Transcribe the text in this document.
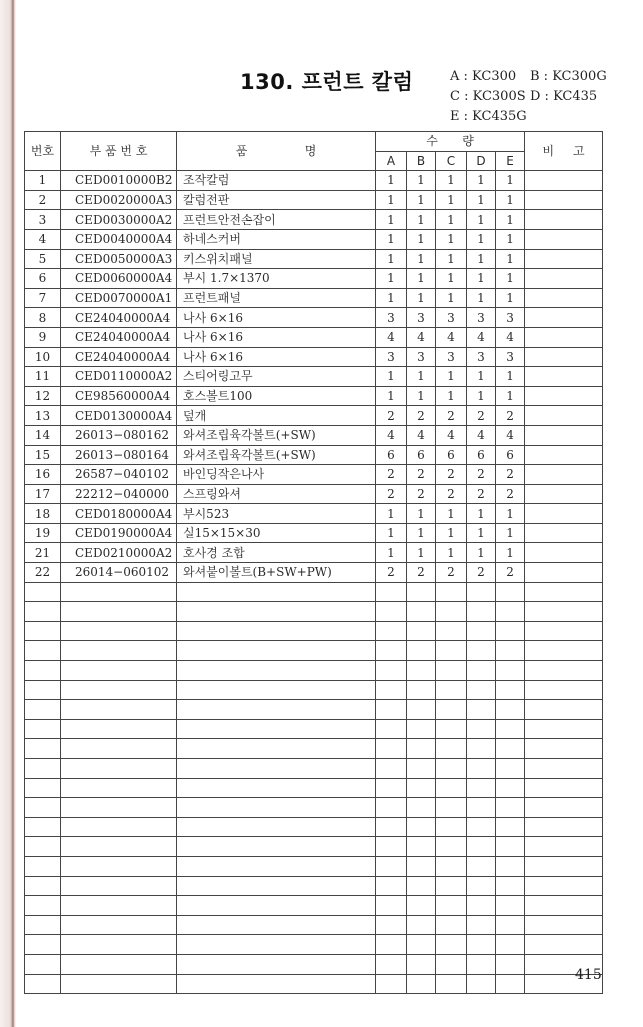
130. 프런트 칼럼	A : KC300 B : KC300G
C : KC300S D : KC435
E : KC435G
번호	부 품 번 호	품 명	수 량					비 고

			A	B	C	D	E	
1	CED0010000B2	조작칼럼	1	1	1	1	1	
2	CED0020000A3	칼럼전판	1	1	1	1	1	
3	CED0030000A2	프런트안전손잡이	1	1	1	1	1	
4	CED0040000A4	하네스커버	1	1	1	1	1	
5	CED0050000A3	키스위치패널	1	1	1	1	1	
6	CED0060000A4	부시 1.7×1370	1	1	1	1	1	
7	CED0070000A1	프런트패널	1	1	1	1	1	
8	CE24040000A4	나사 6×16	3	3	3	3	3	
9	CE24040000A4	나사 6×16	4	4	4	4	4	
10	CE24040000A4	나사 6×16	3	3	3	3	3	
11	CED0110000A2	스티어링고무	1	1	1	1	1	
12	CE98560000A4	호스볼트100	1	1	1	1	1	
13	CED0130000A4	덮개	2	2	2	2	2	
14	26013−080162	와셔조립육각볼트(+SW)	4	4	4	4	4	
15	26013−080164	와셔조립육각볼트(+SW)	6	6	6	6	6	
16	26587−040102	바인딩작은나사	2	2	2	2	2	
17	22212−040000	스프링와셔	2	2	2	2	2	
18	CED0180000A4	부시523	1	1	1	1	1	
19	CED0190000A4	실15×15×30	1	1	1	1	1	
21	CED0210000A2	호사경 조합	1	1	1	1	1	
22	26014−060102	와셔붙이볼트(B+SW+PW)	2	2	2	2	2	

415
